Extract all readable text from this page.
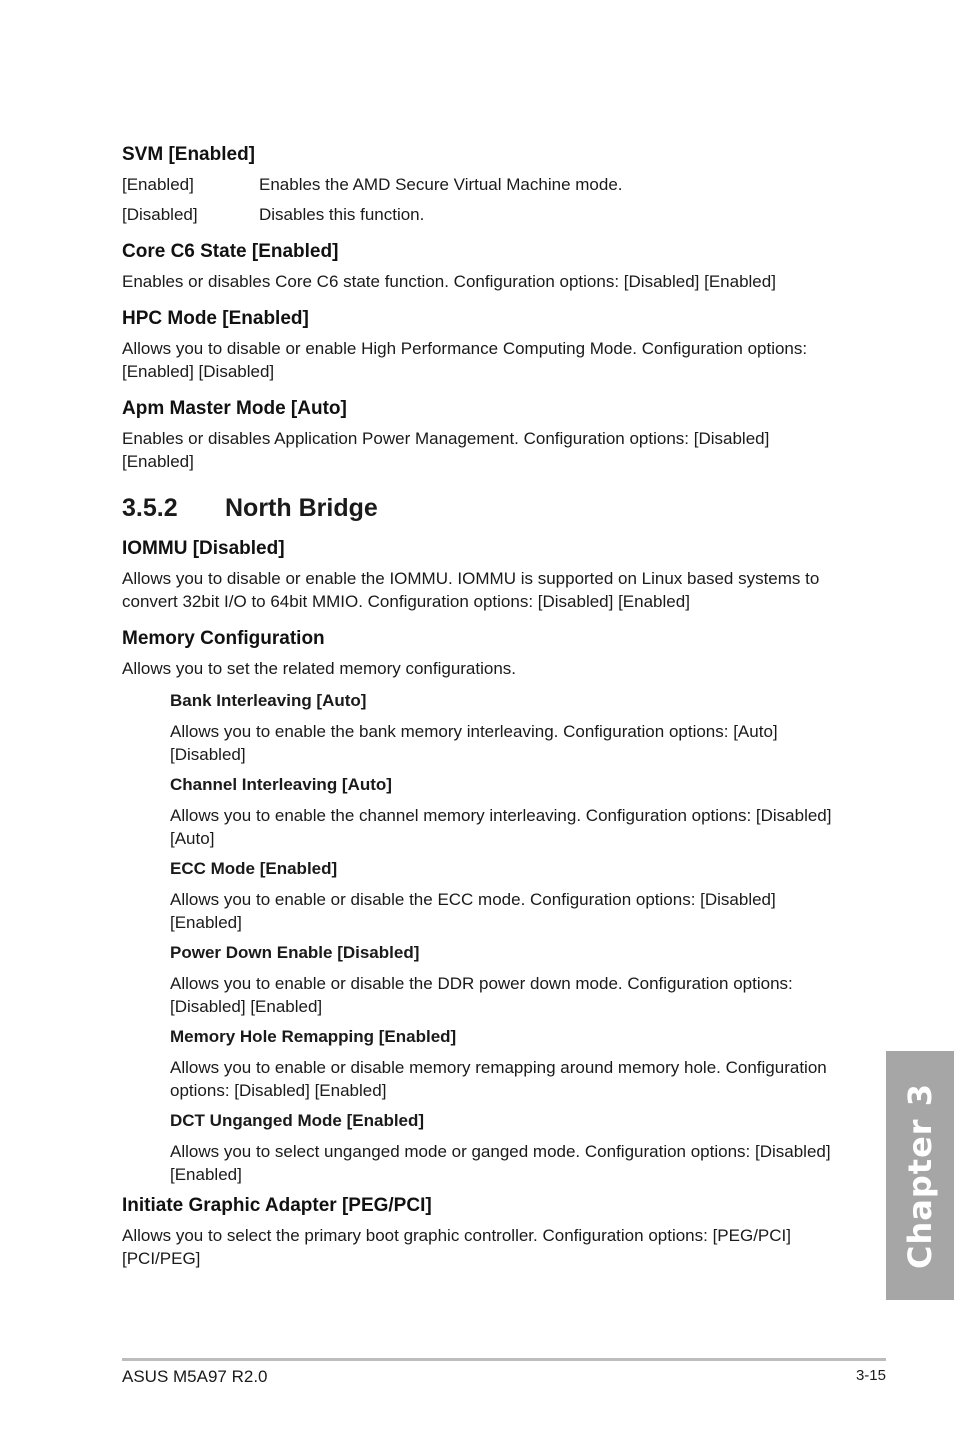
SVM [Enabled]
[Enabled]	Enables the AMD Secure Virtual Machine mode.
[Disabled]	Disables this function.
Core C6 State [Enabled]
Enables or disables Core C6 state function. Configuration options: [Disabled] [Enabled]
HPC Mode [Enabled]
Allows you to disable or enable High Performance Computing Mode. Configuration options: [Enabled] [Disabled]
Apm Master Mode [Auto]
Enables or disables Application Power Management. Configuration options: [Disabled] [Enabled]
3.5.2	North Bridge
IOMMU [Disabled]
Allows you to disable or enable the IOMMU. IOMMU is supported on Linux based systems to convert 32bit I/O to 64bit MMIO. Configuration options: [Disabled] [Enabled]
Memory Configuration
Allows you to set the related memory configurations.
Bank Interleaving [Auto]
Allows you to enable the bank memory interleaving. Configuration options: [Auto] [Disabled]
Channel Interleaving [Auto]
Allows you to enable the channel memory interleaving. Configuration options: [Disabled] [Auto]
ECC Mode [Enabled]
Allows you to enable or disable the ECC mode. Configuration options: [Disabled] [Enabled]
Power Down Enable [Disabled]
Allows you to enable or disable the DDR power down mode. Configuration options: [Disabled] [Enabled]
Memory Hole Remapping [Enabled]
Allows you to enable or disable memory remapping around memory hole. Configuration options: [Disabled] [Enabled]
DCT Unganged Mode [Enabled]
Allows you to select unganged mode or ganged mode. Configuration options: [Disabled] [Enabled]
Initiate Graphic Adapter [PEG/PCI]
Allows you to select the primary boot graphic controller. Configuration options: [PEG/PCI] [PCI/PEG]	Chapter 3
ASUS M5A97 R2.0	3-15
